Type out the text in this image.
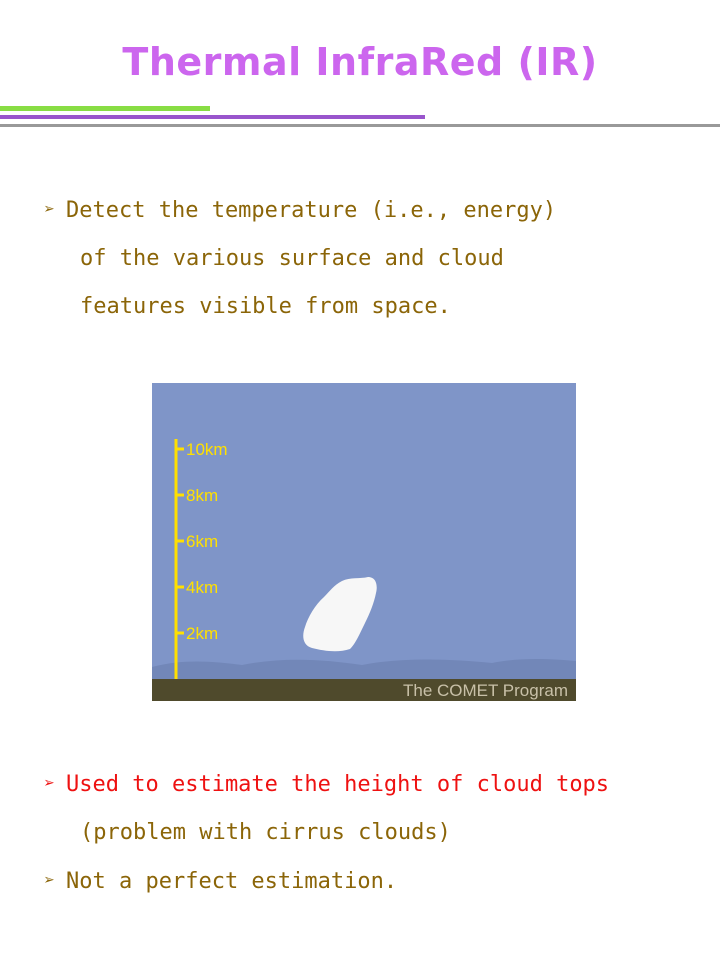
Thermal InfraRed (IR)
➢ Detect the temperature (i.e., energy)
of the various surface and cloud
features visible from space.
The COMET Program
10km
8km
6km
4km
2km
➢ Used to estimate the height of cloud tops
(problem with cirrus clouds)
➢ Not a perfect estimation.
